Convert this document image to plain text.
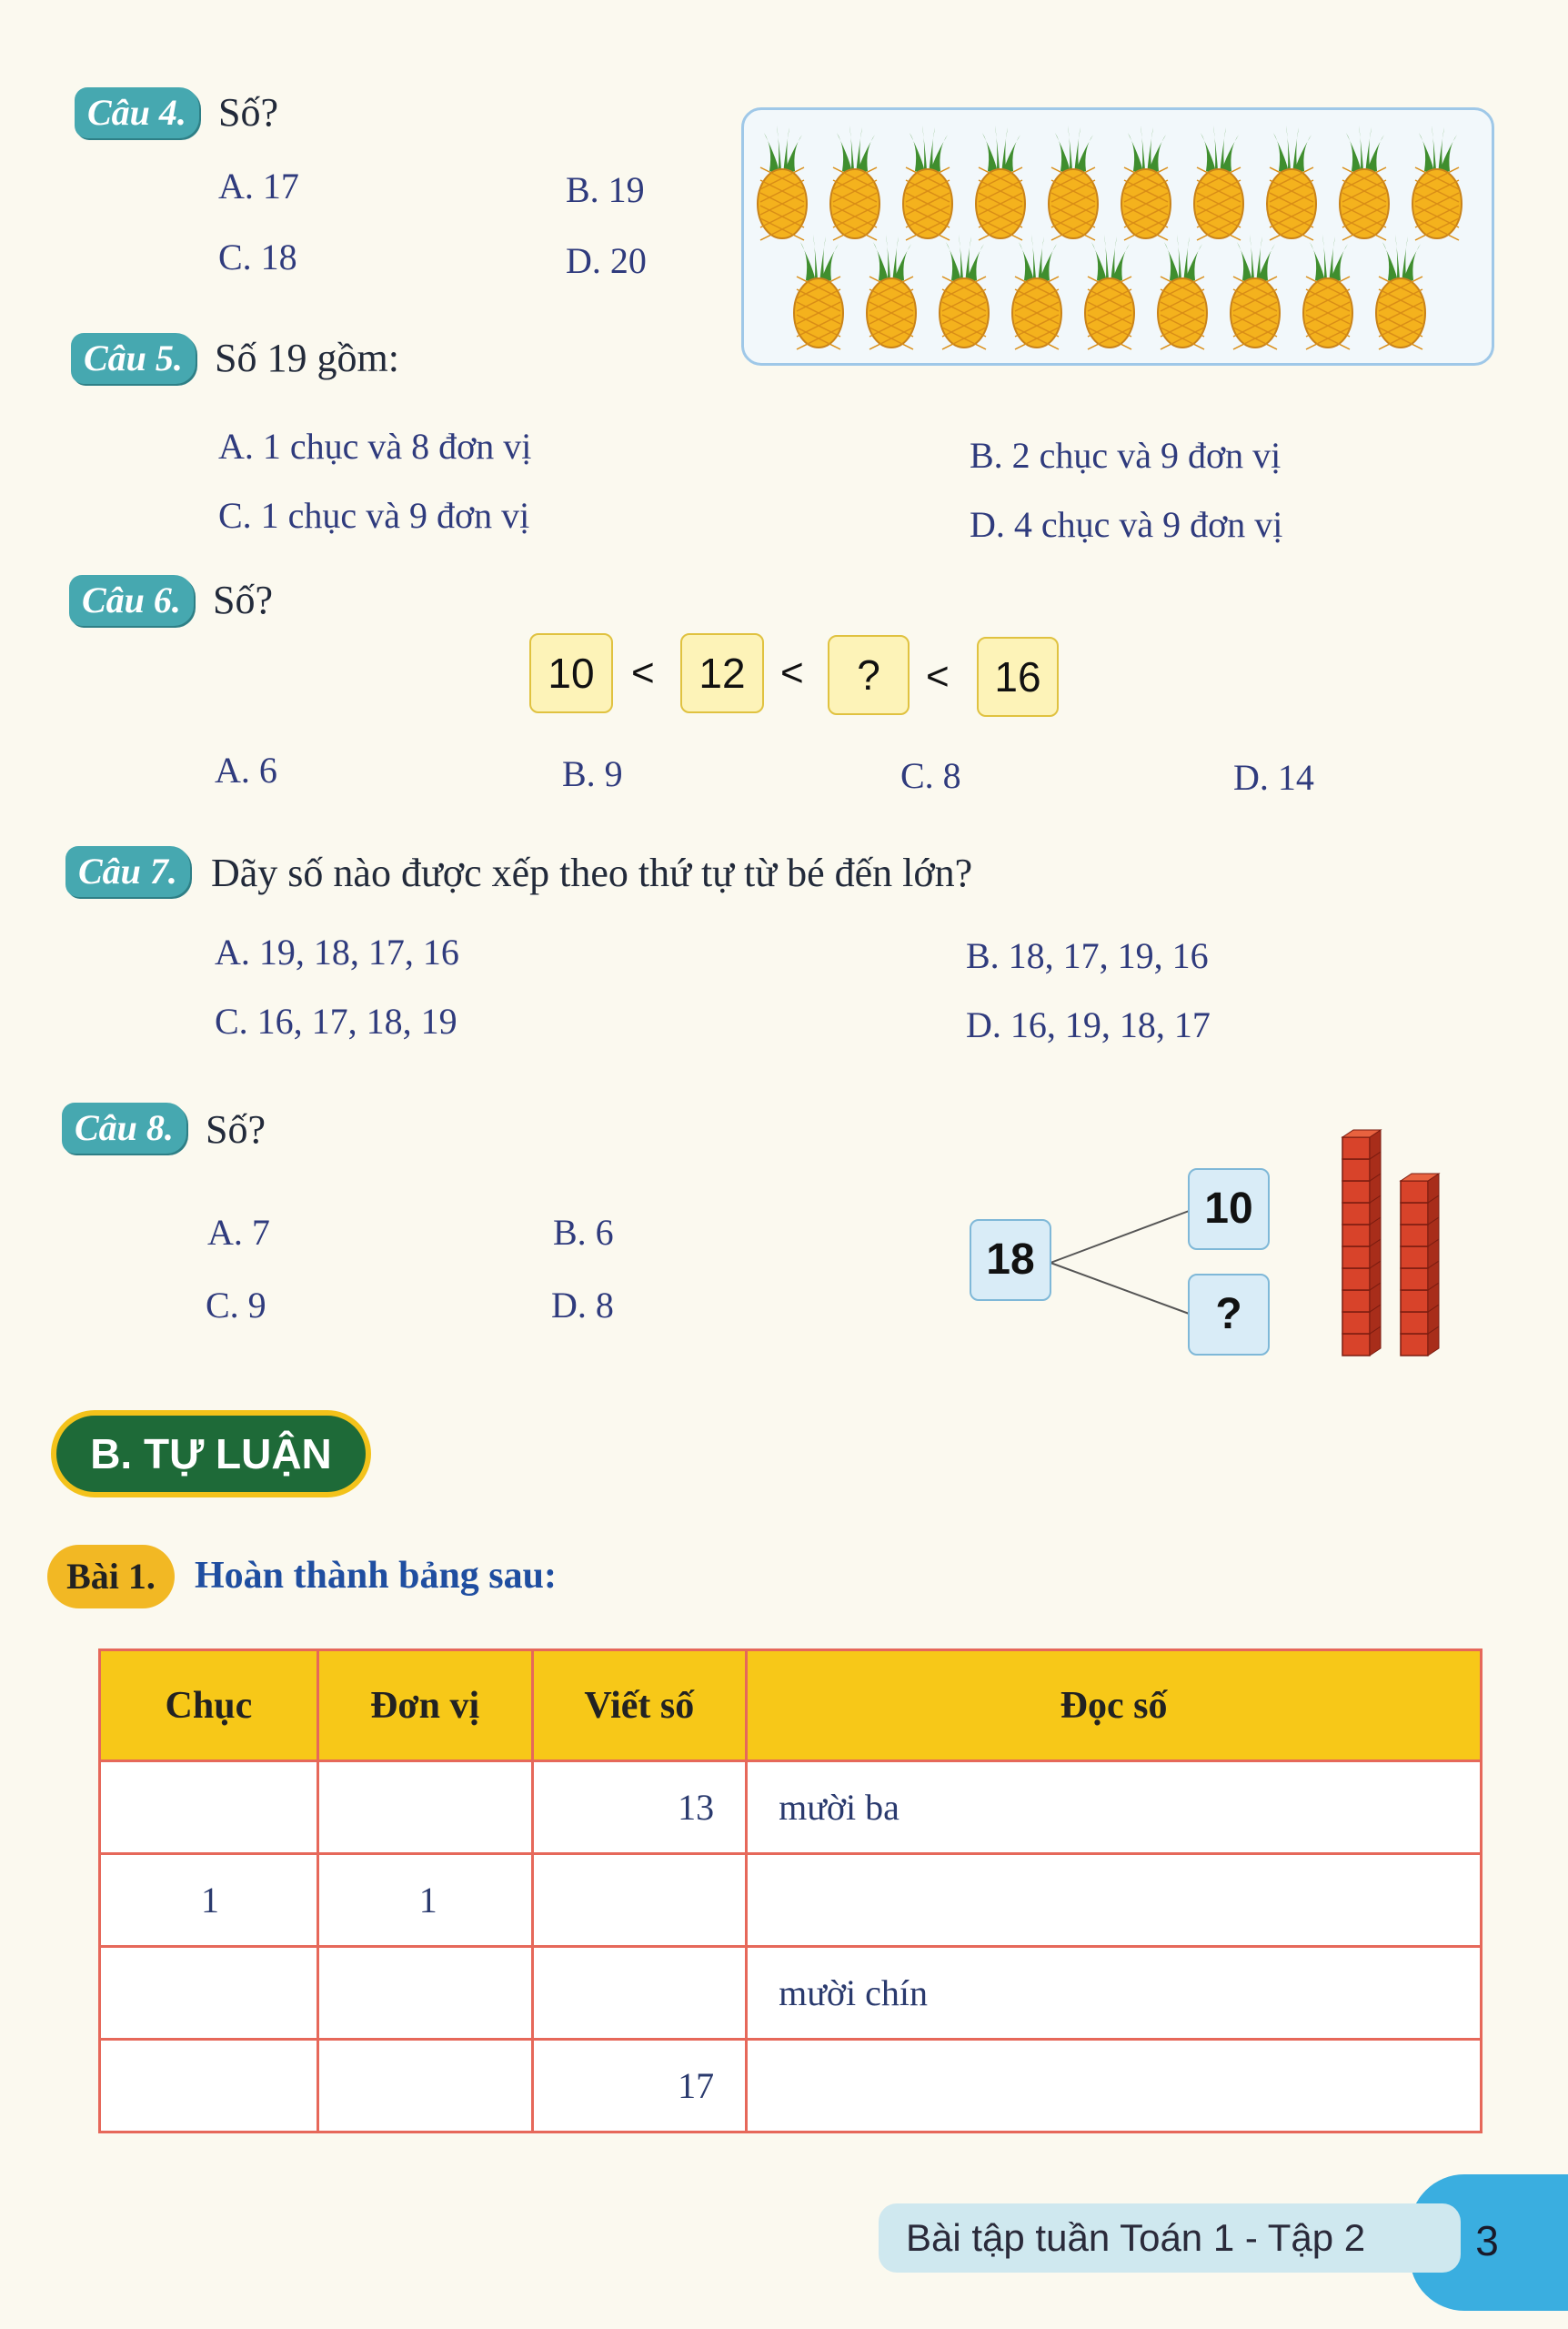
Câu 4. Số?
A. 17	B. 19
C. 18	D. 20
Câu 5. Số 19 gồm:
A. 1 chục và 8 đơn vị	B. 2 chục và 9 đơn vị
C. 1 chục và 9 đơn vị	D. 4 chục và 9 đơn vị
Câu 6. Số?
10 <	12 <	?	<	16
A. 6	B. 9	C. 8	D. 14
Câu 7. Dãy số nào được xếp theo thứ tự từ bé đến lớn?
A. 19, 18, 17, 16	B. 18, 17, 19, 16
C. 16, 17, 18, 19	D. 16, 19, 18, 17
Câu 8. Số?
A. 7	B. 6
C. 9	D. 8
18
10
?
B. TỰ LUẬN
Bài 1.	Hoàn thành bảng sau:
Chục	Đơn vị	Viết số	Đọc số
		13	mười ba
1	1		
			mười chín
		17	
Bài tập tuần Toán 1 - Tập 2	3
